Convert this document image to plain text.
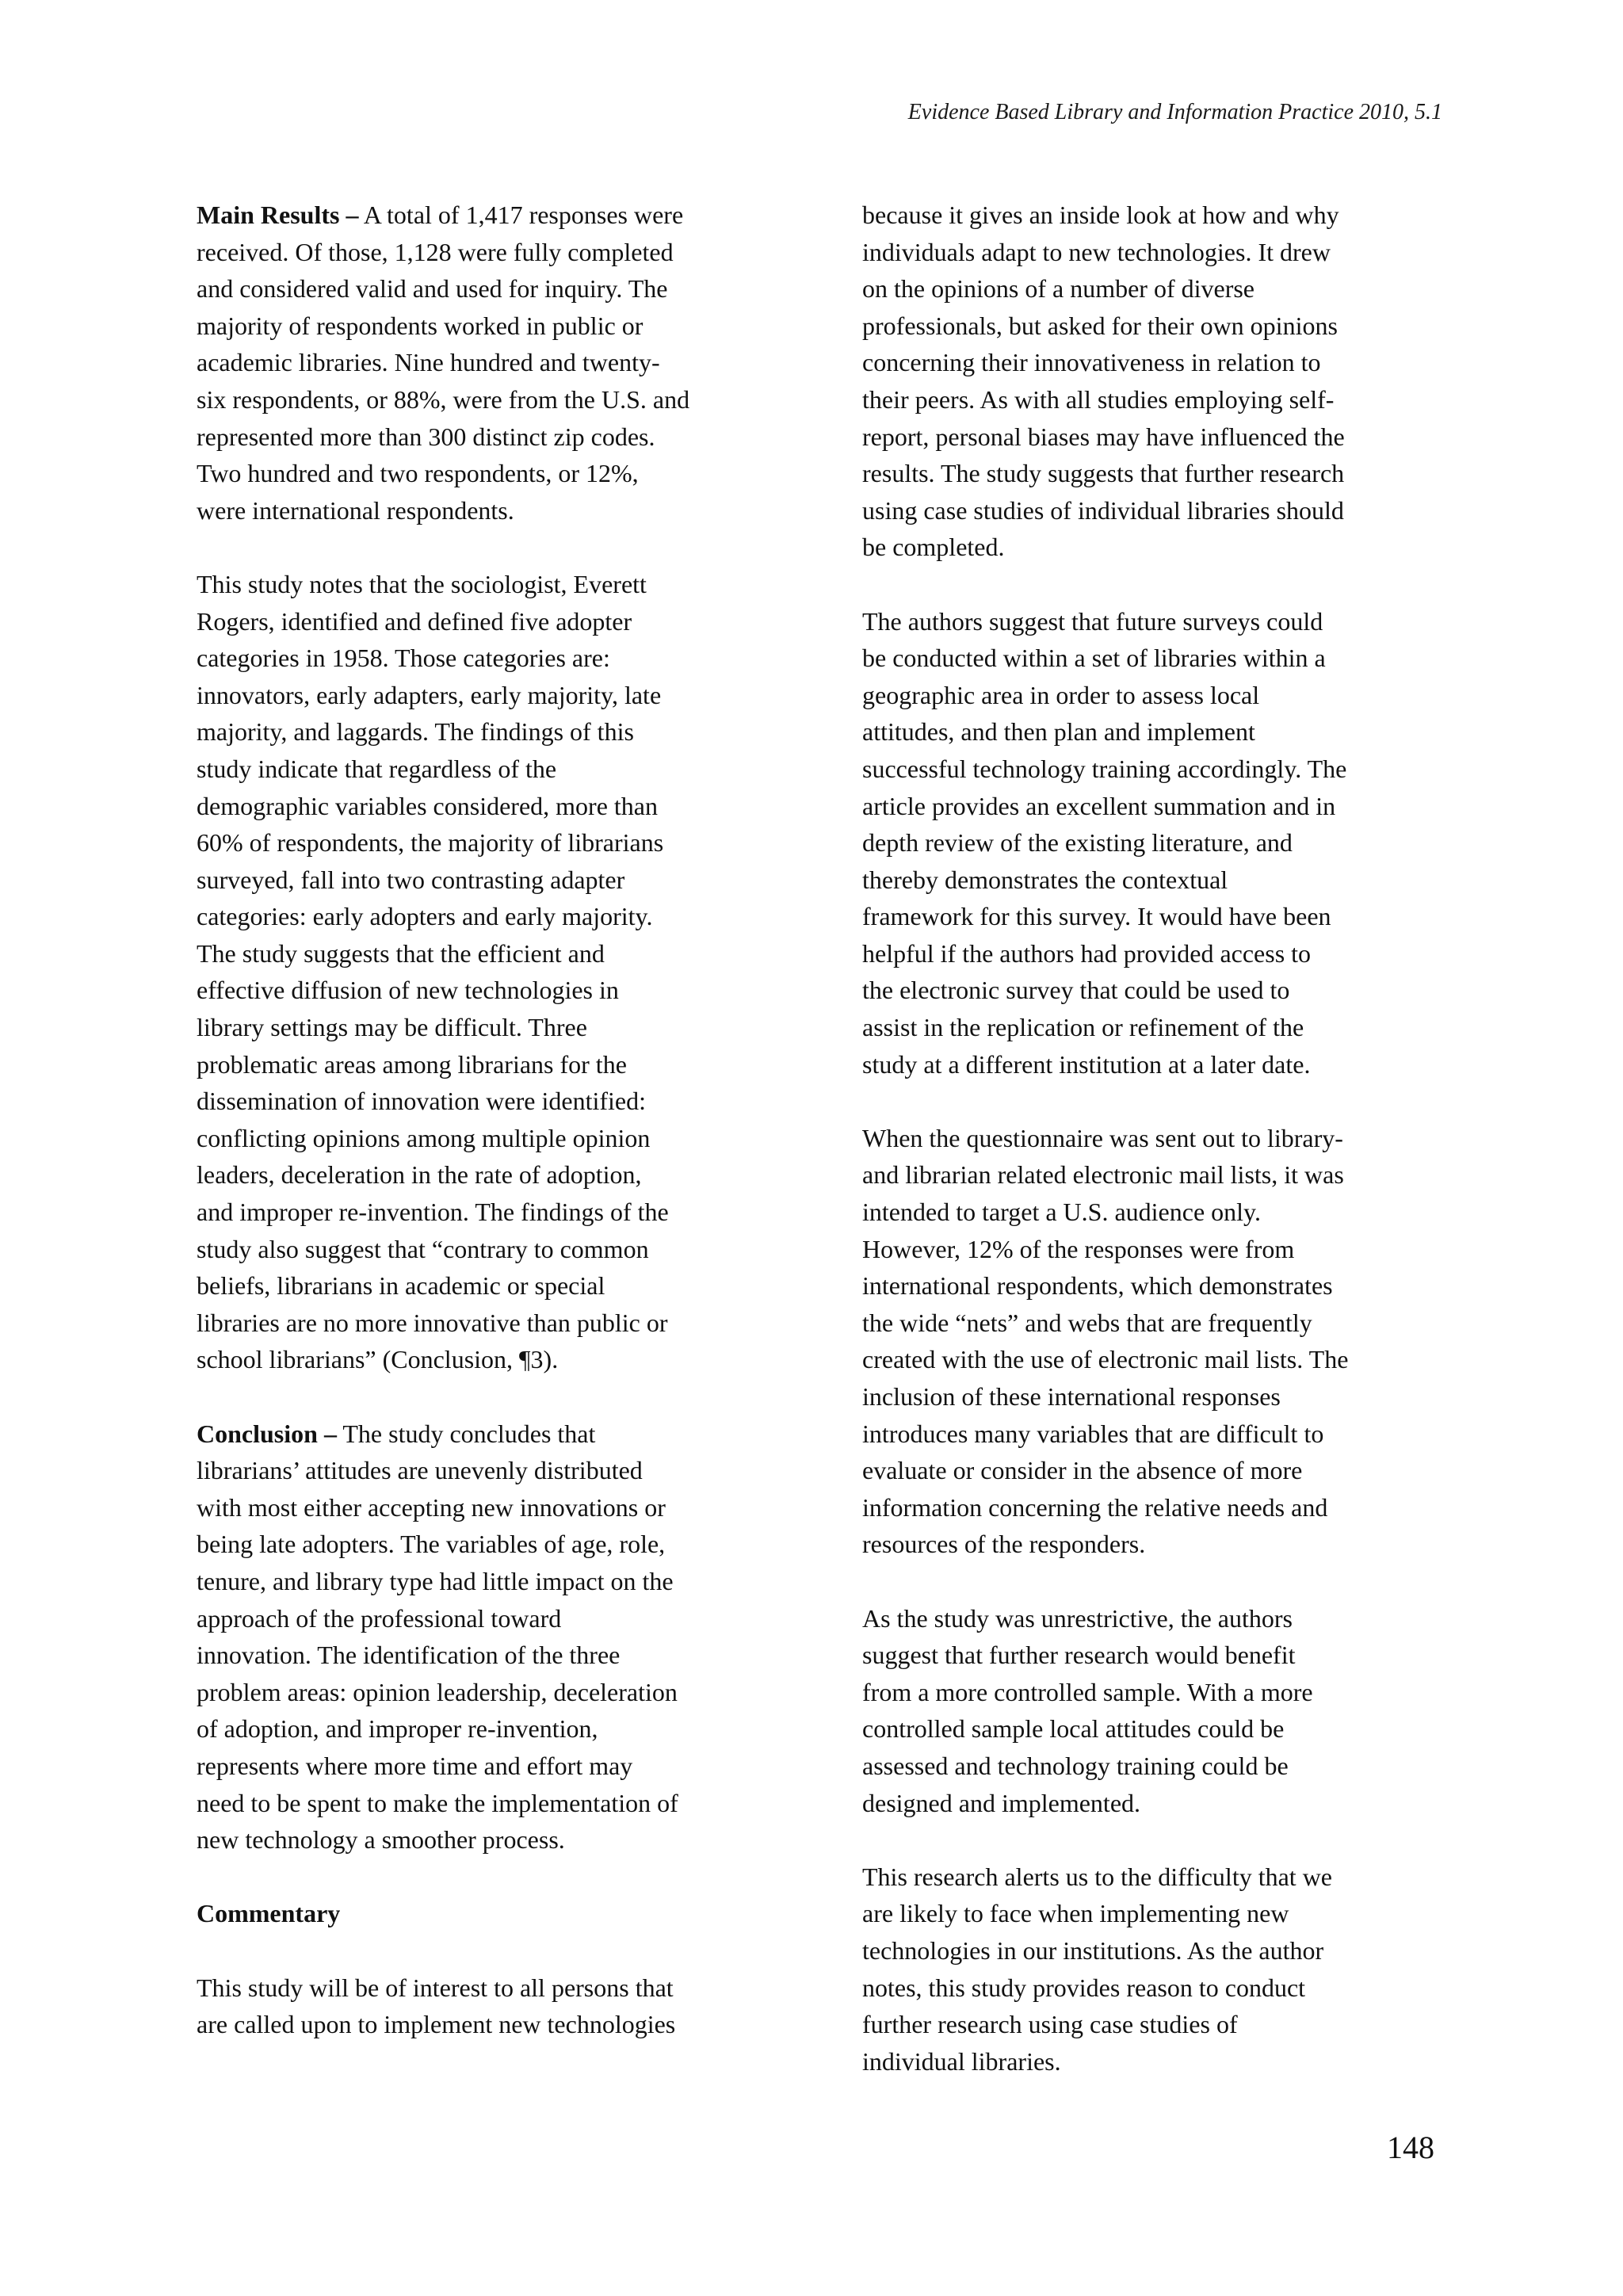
Evidence Based Library and Information Practice 2010, 5.1

Main Results – A total of 1,417 responses were
received. Of those, 1,128 were fully completed
and considered valid and used for inquiry. The
majority of respondents worked in public or
academic libraries. Nine hundred and twenty-
six respondents, or 88%, were from the U.S. and
represented more than 300 distinct zip codes.
Two hundred and two respondents, or 12%,
were international respondents.

This study notes that the sociologist, Everett
Rogers, identified and defined five adopter
categories in 1958. Those categories are:
innovators, early adapters, early majority, late
majority, and laggards. The findings of this
study indicate that regardless of the
demographic variables considered, more than
60% of respondents, the majority of librarians
surveyed, fall into two contrasting adapter
categories: early adopters and early majority.
The study suggests that the efficient and
effective diffusion of new technologies in
library settings may be difficult. Three
problematic areas among librarians for the
dissemination of innovation were identified:
conflicting opinions among multiple opinion
leaders, deceleration in the rate of adoption,
and improper re-invention. The findings of the
study also suggest that “contrary to common
beliefs, librarians in academic or special
libraries are no more innovative than public or
school librarians” (Conclusion, ¶3).

Conclusion – The study concludes that
librarians’ attitudes are unevenly distributed
with most either accepting new innovations or
being late adopters. The variables of age, role,
tenure, and library type had little impact on the
approach of the professional toward
innovation. The identification of the three
problem areas: opinion leadership, deceleration
of adoption, and improper re-invention,
represents where more time and effort may
need to be spent to make the implementation of
new technology a smoother process.

Commentary

This study will be of interest to all persons that
are called upon to implement new technologies

because it gives an inside look at how and why
individuals adapt to new technologies. It drew
on the opinions of a number of diverse
professionals, but asked for their own opinions
concerning their innovativeness in relation to
their peers. As with all studies employing self-
report, personal biases may have influenced the
results. The study suggests that further research
using case studies of individual libraries should
be completed.

The authors suggest that future surveys could
be conducted within a set of libraries within a
geographic area in order to assess local
attitudes, and then plan and implement
successful technology training accordingly. The
article provides an excellent summation and in
depth review of the existing literature, and
thereby demonstrates the contextual
framework for this survey. It would have been
helpful if the authors had provided access to
the electronic survey that could be used to
assist in the replication or refinement of the
study at a different institution at a later date.

When the questionnaire was sent out to library-
and librarian related electronic mail lists, it was
intended to target a U.S. audience only.
However, 12% of the responses were from
international respondents, which demonstrates
the wide “nets” and webs that are frequently
created with the use of electronic mail lists. The
inclusion of these international responses
introduces many variables that are difficult to
evaluate or consider in the absence of more
information concerning the relative needs and
resources of the responders.

As the study was unrestrictive, the authors
suggest that further research would benefit
from a more controlled sample. With a more
controlled sample local attitudes could be
assessed and technology training could be
designed and implemented.

This research alerts us to the difficulty that we
are likely to face when implementing new
technologies in our institutions. As the author
notes, this study provides reason to conduct
further research using case studies of
individual libraries.

148
